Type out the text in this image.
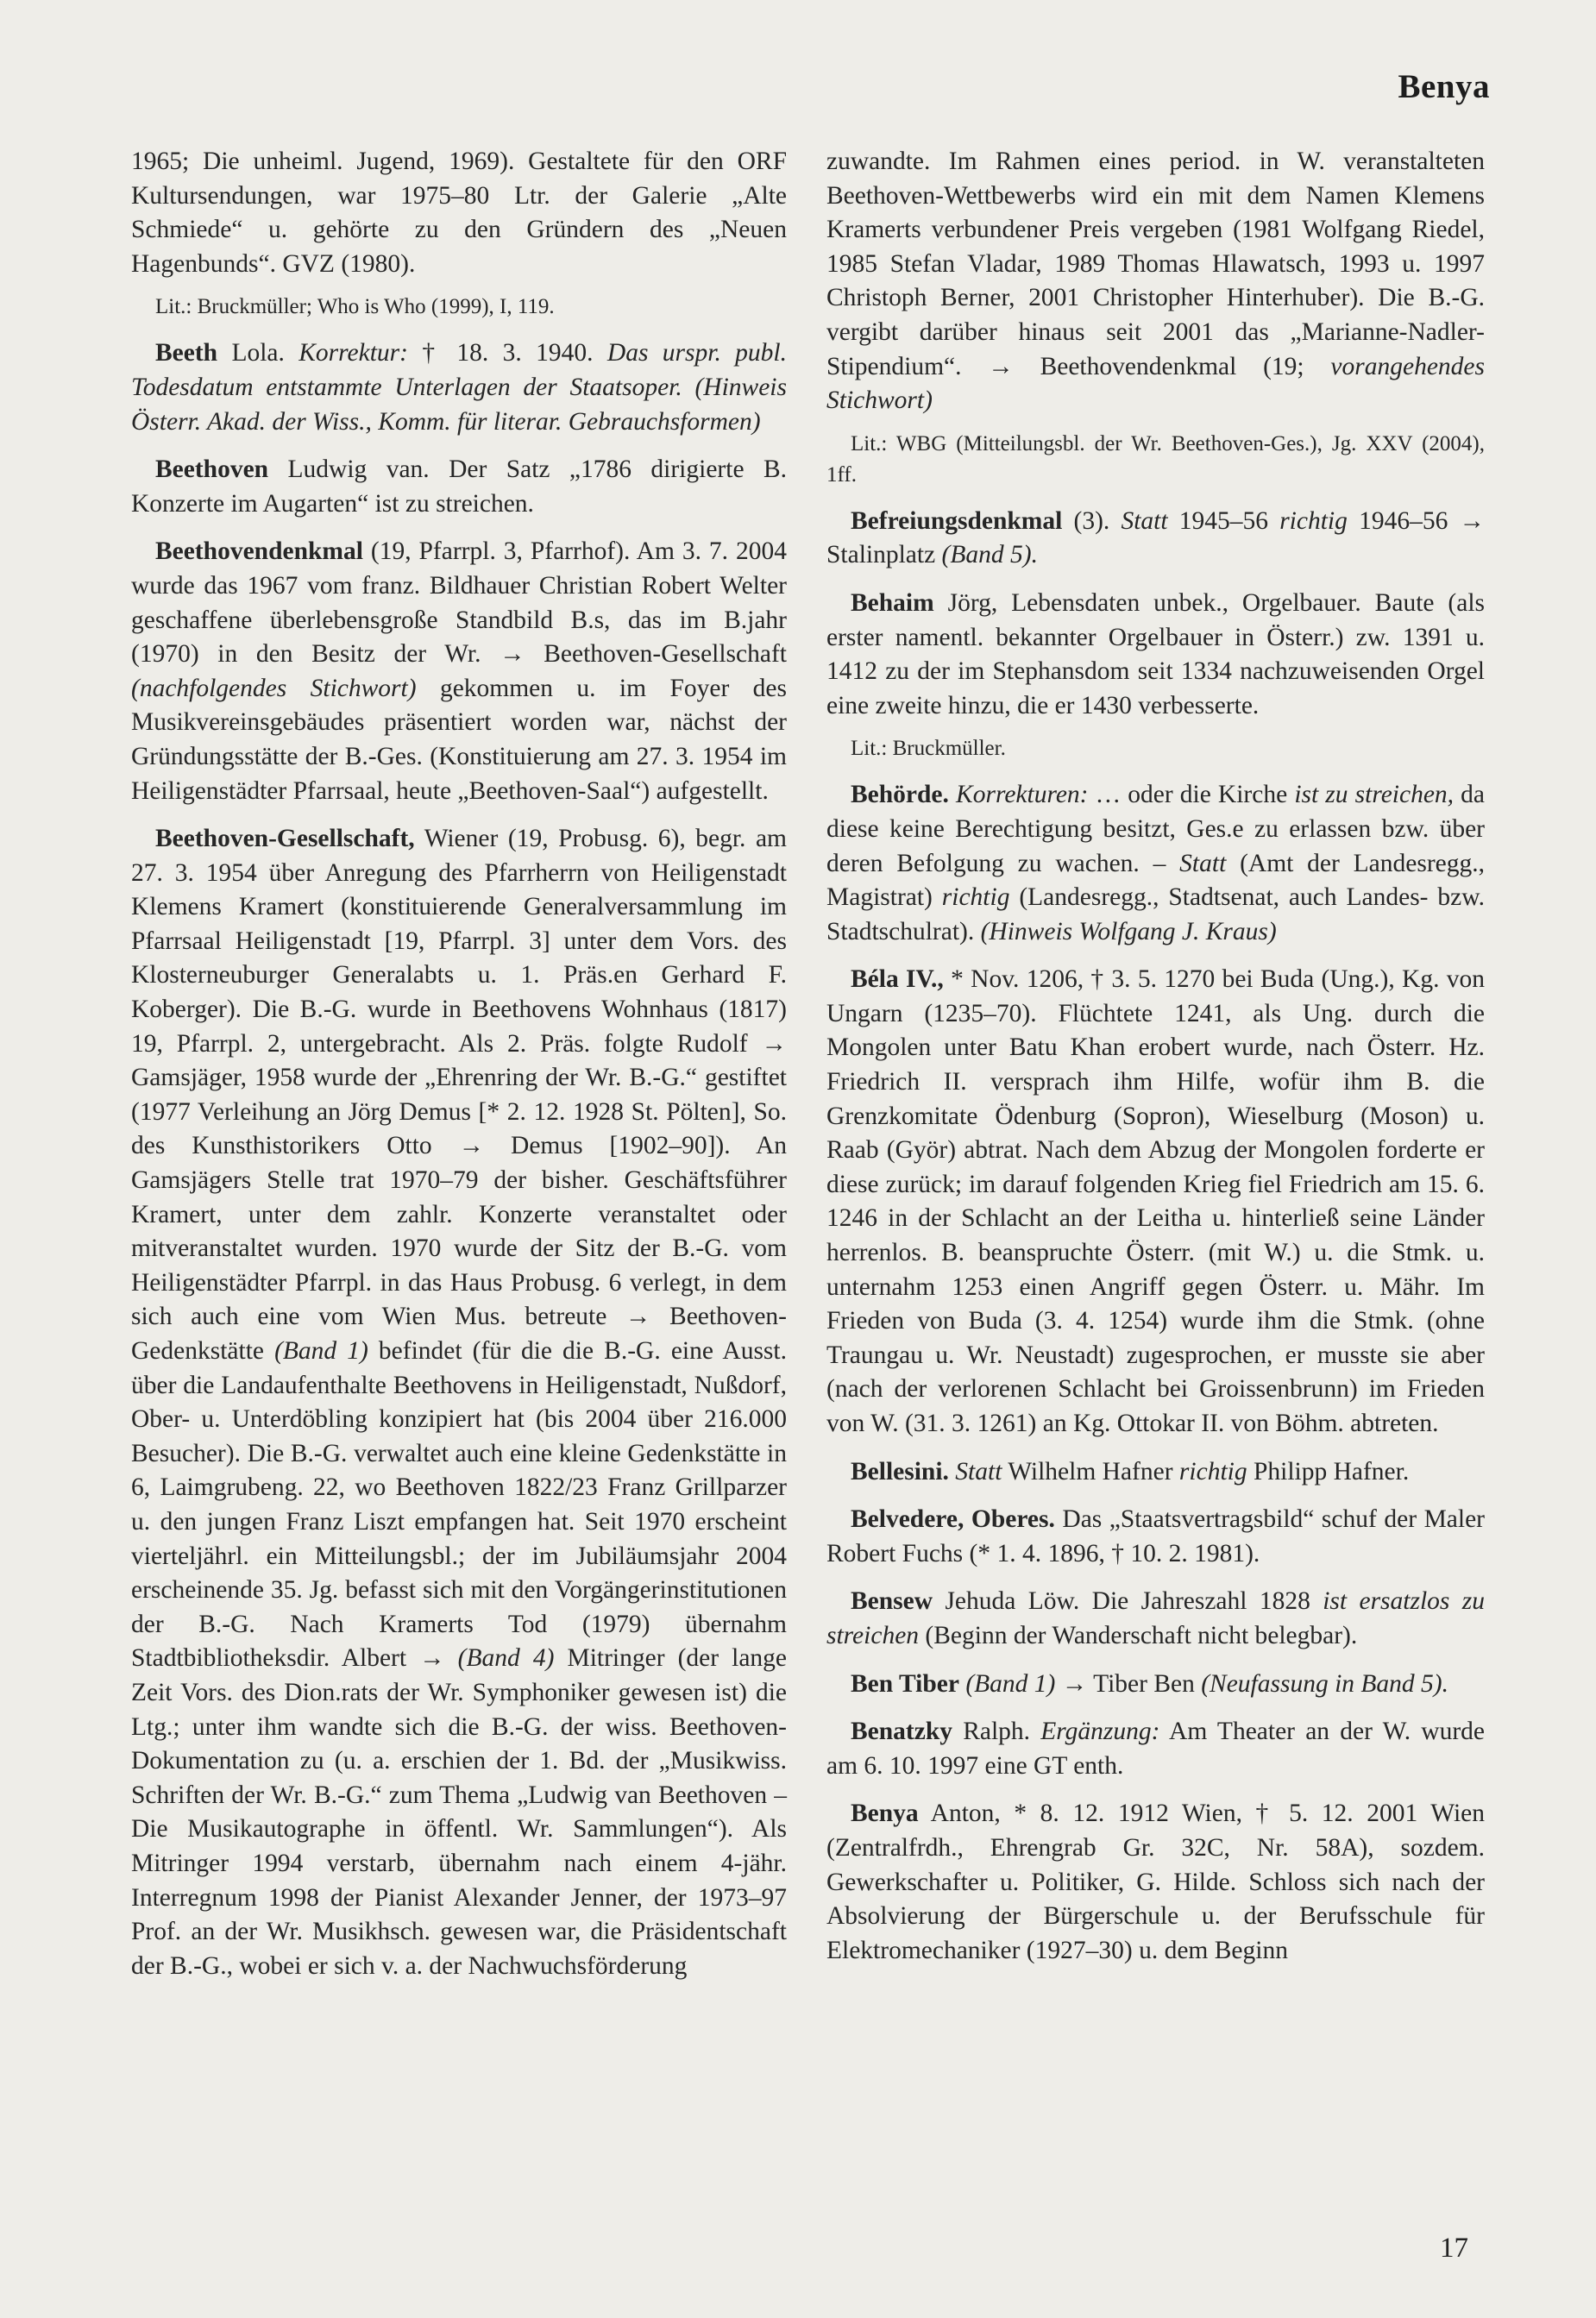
Benya

1965; Die unheiml. Jugend, 1969). Gestaltete für den ORF Kultursendungen, war 1975–80 Ltr. der Galerie „Alte Schmiede“ u. gehörte zu den Gründern des „Neuen Hagenbunds“. GVZ (1980).

Lit.: Bruckmüller; Who is Who (1999), I, 119.

Beeth Lola. Korrektur: † 18. 3. 1940. Das urspr. publ. Todesdatum entstammte Unterlagen der Staatsoper. (Hinweis Österr. Akad. der Wiss., Komm. für literar. Gebrauchsformen)

Beethoven Ludwig van. Der Satz „1786 dirigierte B. Konzerte im Augarten“ ist zu streichen.

Beethovendenkmal (19, Pfarrpl. 3, Pfarrhof). Am 3. 7. 2004 wurde das 1967 vom franz. Bildhauer Christian Robert Welter geschaffene überlebensgroße Standbild B.s, das im B.jahr (1970) in den Besitz der Wr. → Beethoven-Gesellschaft (nachfolgendes Stichwort) gekommen u. im Foyer des Musikvereinsgebäudes präsentiert worden war, nächst der Gründungsstätte der B.-Ges. (Konstituierung am 27. 3. 1954 im Heiligenstädter Pfarrsaal, heute „Beethoven-Saal“) aufgestellt.

Beethoven-Gesellschaft, Wiener (19, Probusg. 6), begr. am 27. 3. 1954 über Anregung des Pfarrherrn von Heiligenstadt Klemens Kramert (konstituierende Generalversammlung im Pfarrsaal Heiligenstadt [19, Pfarrpl. 3] unter dem Vors. des Klosterneuburger Generalabts u. 1. Präs.en Gerhard F. Koberger). Die B.-G. wurde in Beethovens Wohnhaus (1817) 19, Pfarrpl. 2, untergebracht. Als 2. Präs. folgte Rudolf → Gamsjäger, 1958 wurde der „Ehrenring der Wr. B.-G.“ gestiftet (1977 Verleihung an Jörg Demus [* 2. 12. 1928 St. Pölten], So. des Kunsthistorikers Otto → Demus [1902–90]). An Gamsjägers Stelle trat 1970–79 der bisher. Geschäftsführer Kramert, unter dem zahlr. Konzerte veranstaltet oder mitveranstaltet wurden. 1970 wurde der Sitz der B.-G. vom Heiligenstädter Pfarrpl. in das Haus Probusg. 6 verlegt, in dem sich auch eine vom Wien Mus. betreute → Beethoven-Gedenkstätte (Band 1) befindet (für die die B.-G. eine Ausst. über die Landaufenthalte Beethovens in Heiligenstadt, Nußdorf, Ober- u. Unterdöbling konzipiert hat (bis 2004 über 216.000 Besucher). Die B.-G. verwaltet auch eine kleine Gedenkstätte in 6, Laimgrubeng. 22, wo Beethoven 1822/23 Franz Grillparzer u. den jungen Franz Liszt empfangen hat. Seit 1970 erscheint vierteljährl. ein Mitteilungsbl.; der im Jubiläumsjahr 2004 erscheinende 35. Jg. befasst sich mit den Vorgängerinstitutionen der B.-G. Nach Kramerts Tod (1979) übernahm Stadtbibliotheksdir. Albert → (Band 4) Mitringer (der lange Zeit Vors. des Dion.rats der Wr. Symphoniker gewesen ist) die Ltg.; unter ihm wandte sich die B.-G. der wiss. Beethoven-Dokumentation zu (u. a. erschien der 1. Bd. der „Musikwiss. Schriften der Wr. B.-G.“ zum Thema „Ludwig van Beethoven – Die Musikautographe in öffentl. Wr. Sammlungen“). Als Mitringer 1994 verstarb, übernahm nach einem 4-jähr. Interregnum 1998 der Pianist Alexander Jenner, der 1973–97 Prof. an der Wr. Musikhsch. gewesen war, die Präsidentschaft der B.-G., wobei er sich v. a. der Nachwuchsförderung

zuwandte. Im Rahmen eines period. in W. veranstalteten Beethoven-Wettbewerbs wird ein mit dem Namen Klemens Kramerts verbundener Preis vergeben (1981 Wolfgang Riedel, 1985 Stefan Vladar, 1989 Thomas Hlawatsch, 1993 u. 1997 Christoph Berner, 2001 Christopher Hinterhuber). Die B.-G. vergibt darüber hinaus seit 2001 das „Marianne-Nadler-Stipendium“. → Beethovendenkmal (19; vorangehendes Stichwort)

Lit.: WBG (Mitteilungsbl. der Wr. Beethoven-Ges.), Jg. XXV (2004), 1ff.

Befreiungsdenkmal (3). Statt 1945–56 richtig 1946–56 → Stalinplatz (Band 5).

Behaim Jörg, Lebensdaten unbek., Orgelbauer. Baute (als erster namentl. bekannter Orgelbauer in Österr.) zw. 1391 u. 1412 zu der im Stephansdom seit 1334 nachzuweisenden Orgel eine zweite hinzu, die er 1430 verbesserte.

Lit.: Bruckmüller.

Behörde. Korrekturen: … oder die Kirche ist zu streichen, da diese keine Berechtigung besitzt, Ges.e zu erlassen bzw. über deren Befolgung zu wachen. – Statt (Amt der Landesregg., Magistrat) richtig (Landesregg., Stadtsenat, auch Landes- bzw. Stadtschulrat). (Hinweis Wolfgang J. Kraus)

Béla IV., * Nov. 1206, † 3. 5. 1270 bei Buda (Ung.), Kg. von Ungarn (1235–70). Flüchtete 1241, als Ung. durch die Mongolen unter Batu Khan erobert wurde, nach Österr. Hz. Friedrich II. versprach ihm Hilfe, wofür ihm B. die Grenzkomitate Ödenburg (Sopron), Wieselburg (Moson) u. Raab (Györ) abtrat. Nach dem Abzug der Mongolen forderte er diese zurück; im darauf folgenden Krieg fiel Friedrich am 15. 6. 1246 in der Schlacht an der Leitha u. hinterließ seine Länder herrenlos. B. beanspruchte Österr. (mit W.) u. die Stmk. u. unternahm 1253 einen Angriff gegen Österr. u. Mähr. Im Frieden von Buda (3. 4. 1254) wurde ihm die Stmk. (ohne Traungau u. Wr. Neustadt) zugesprochen, er musste sie aber (nach der verlorenen Schlacht bei Groissenbrunn) im Frieden von W. (31. 3. 1261) an Kg. Ottokar II. von Böhm. abtreten.

Bellesini. Statt Wilhelm Hafner richtig Philipp Hafner.

Belvedere, Oberes. Das „Staatsvertragsbild“ schuf der Maler Robert Fuchs (* 1. 4. 1896, † 10. 2. 1981).

Bensew Jehuda Löw. Die Jahreszahl 1828 ist ersatzlos zu streichen (Beginn der Wanderschaft nicht belegbar).

Ben Tiber (Band 1) → Tiber Ben (Neufassung in Band 5).

Benatzky Ralph. Ergänzung: Am Theater an der W. wurde am 6. 10. 1997 eine GT enth.

Benya Anton, * 8. 12. 1912 Wien, † 5. 12. 2001 Wien (Zentralfrdh., Ehrengrab Gr. 32C, Nr. 58A), sozdem. Gewerkschafter u. Politiker, G. Hilde. Schloss sich nach der Absolvierung der Bürgerschule u. der Berufsschule für Elektromechaniker (1927–30) u. dem Beginn

17
